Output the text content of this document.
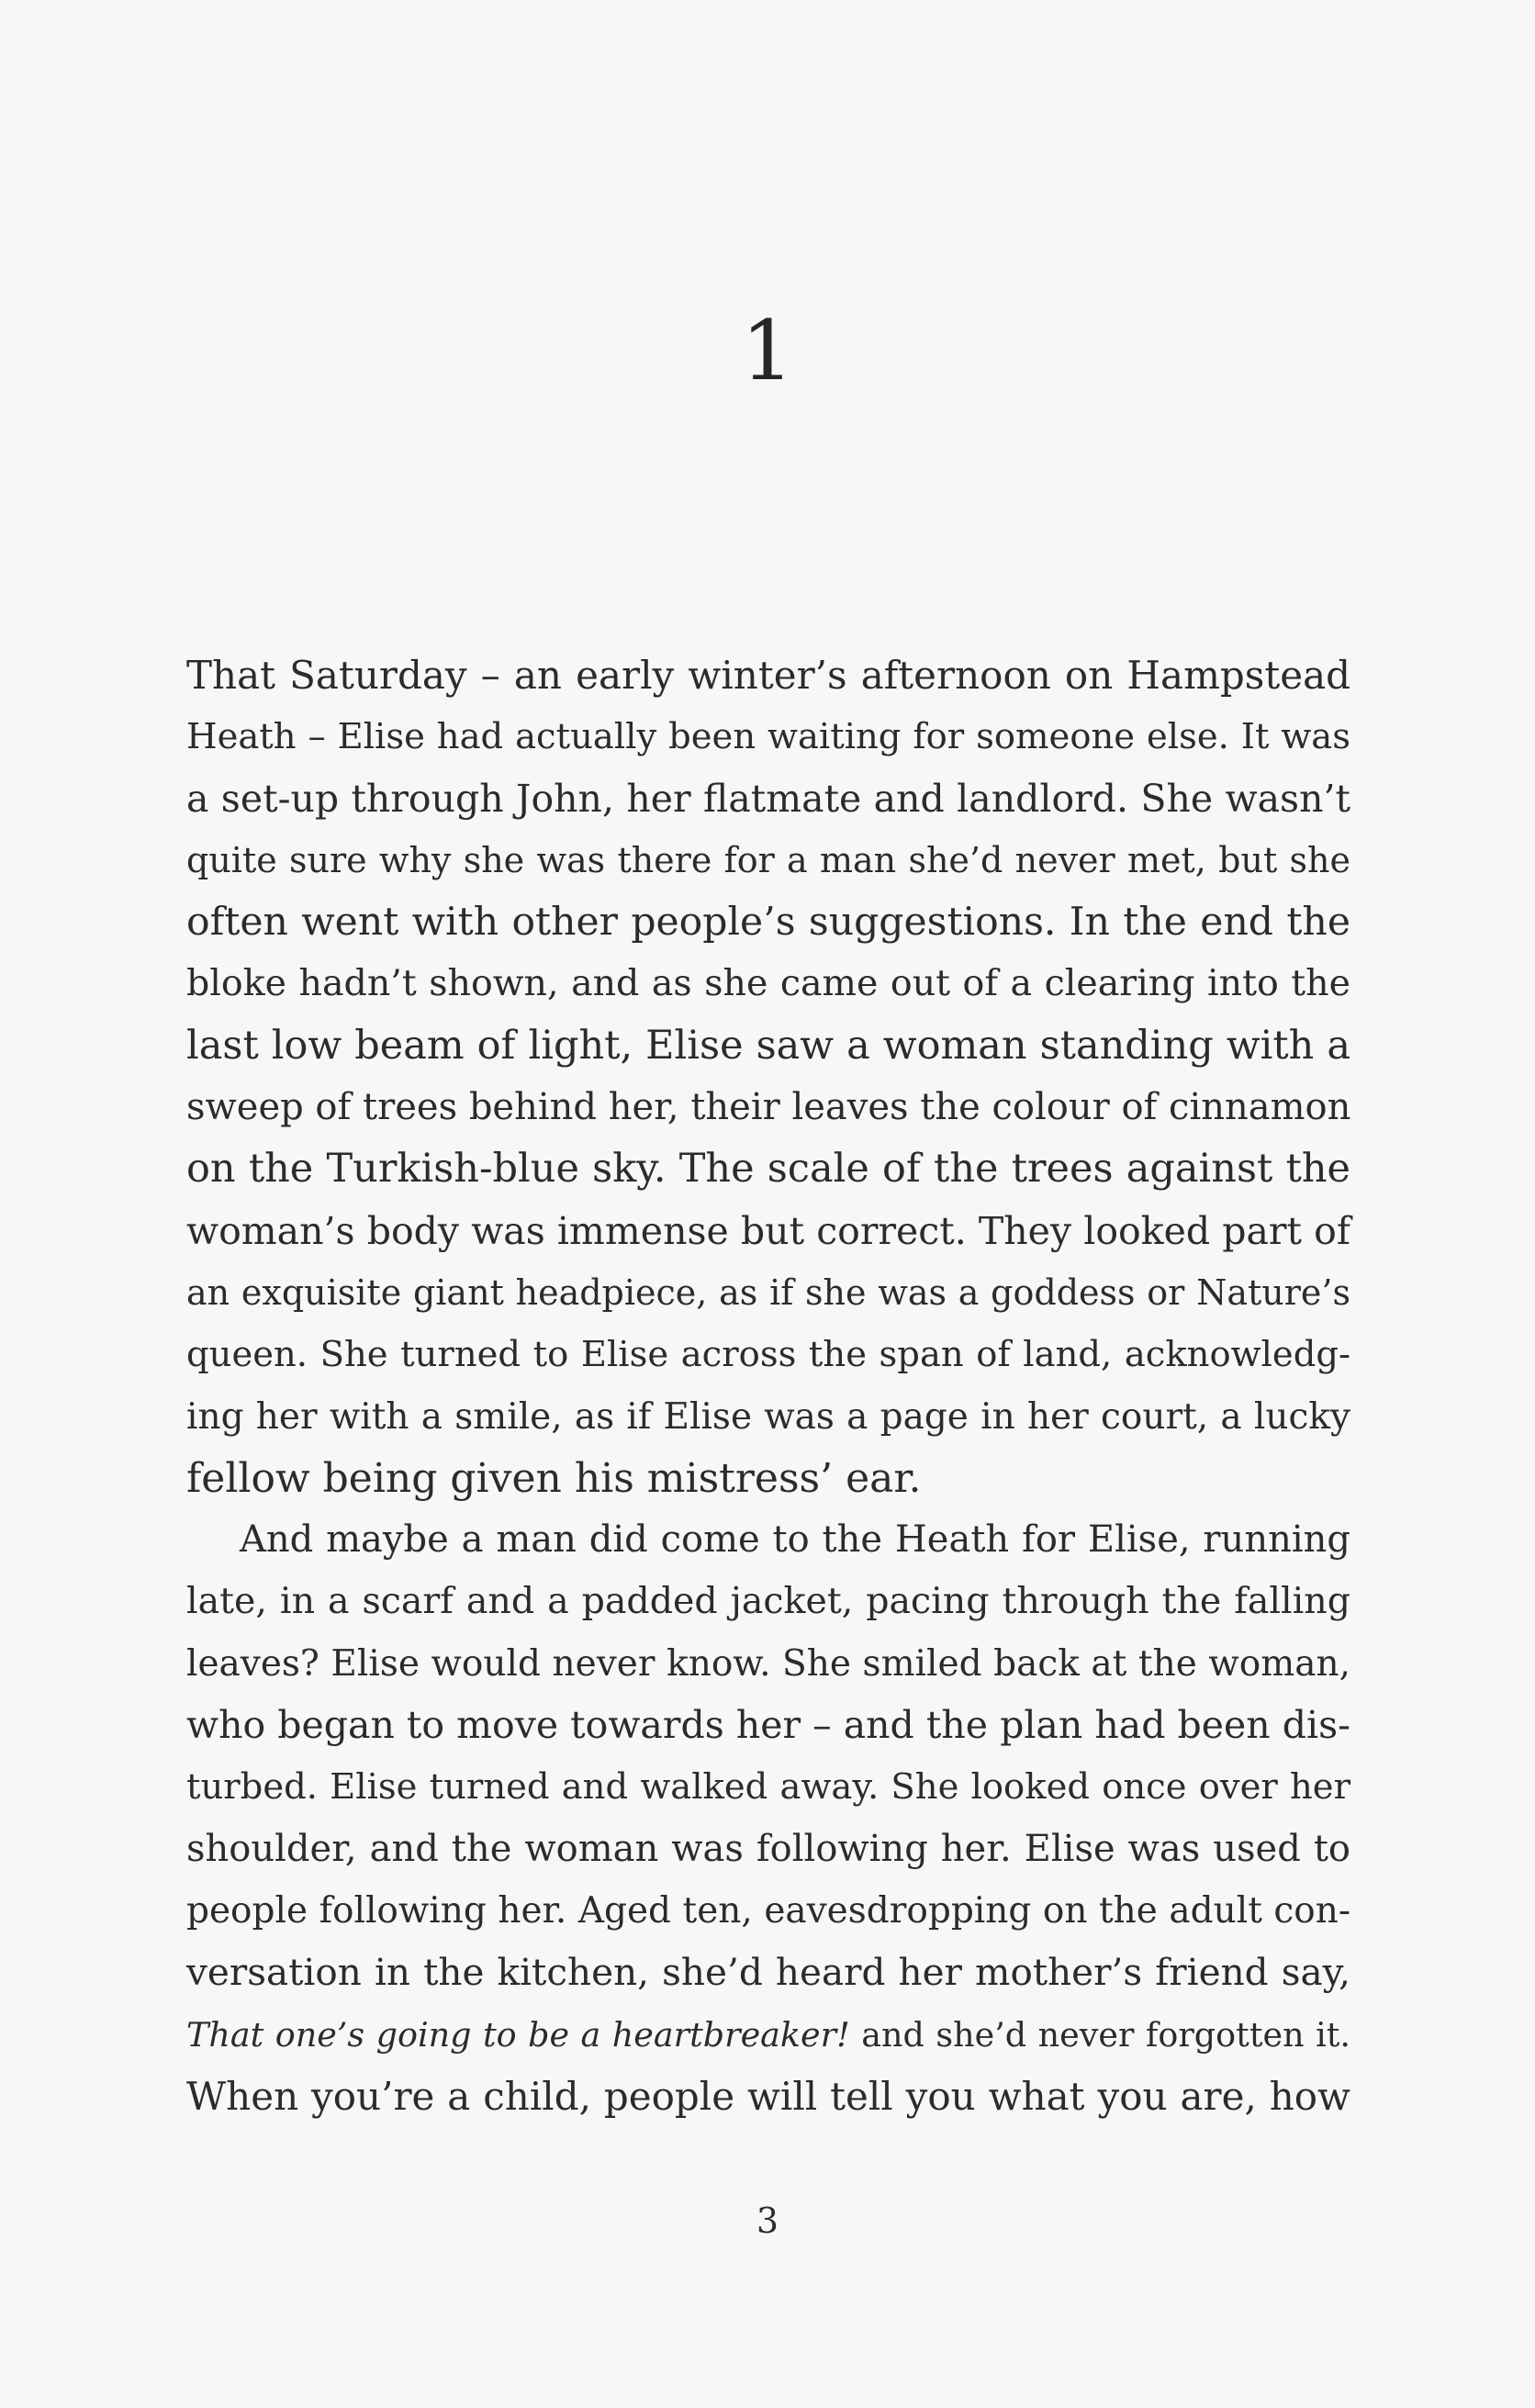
1
That Saturday – an early winter’s afternoon on Hampstead
Heath – Elise had actually been waiting for someone else. It was
a set-up through John, her flatmate and landlord. She wasn’t
quite sure why she was there for a man she’d never met, but she
often went with other people’s suggestions. In the end the
bloke hadn’t shown, and as she came out of a clearing into the
last low beam of light, Elise saw a woman standing with a
sweep of trees behind her, their leaves the colour of cinnamon
on the Turkish-blue sky. The scale of the trees against the
woman’s body was immense but correct. They looked part of
an exquisite giant headpiece, as if she was a goddess or Nature’s
queen. She turned to Elise across the span of land, acknowledg-
ing her with a smile, as if Elise was a page in her court, a lucky
fellow being given his mistress’ ear.
And maybe a man did come to the Heath for Elise, running
late, in a scarf and a padded jacket, pacing through the falling
leaves? Elise would never know. She smiled back at the woman,
who began to move towards her – and the plan had been dis-
turbed. Elise turned and walked away. She looked once over her
shoulder, and the woman was following her. Elise was used to
people following her. Aged ten, eavesdropping on the adult con-
versation in the kitchen, she’d heard her mother’s friend say,
That one’s going to be a heartbreaker! and she’d never forgotten it.
When you’re a child, people will tell you what you are, how
3
